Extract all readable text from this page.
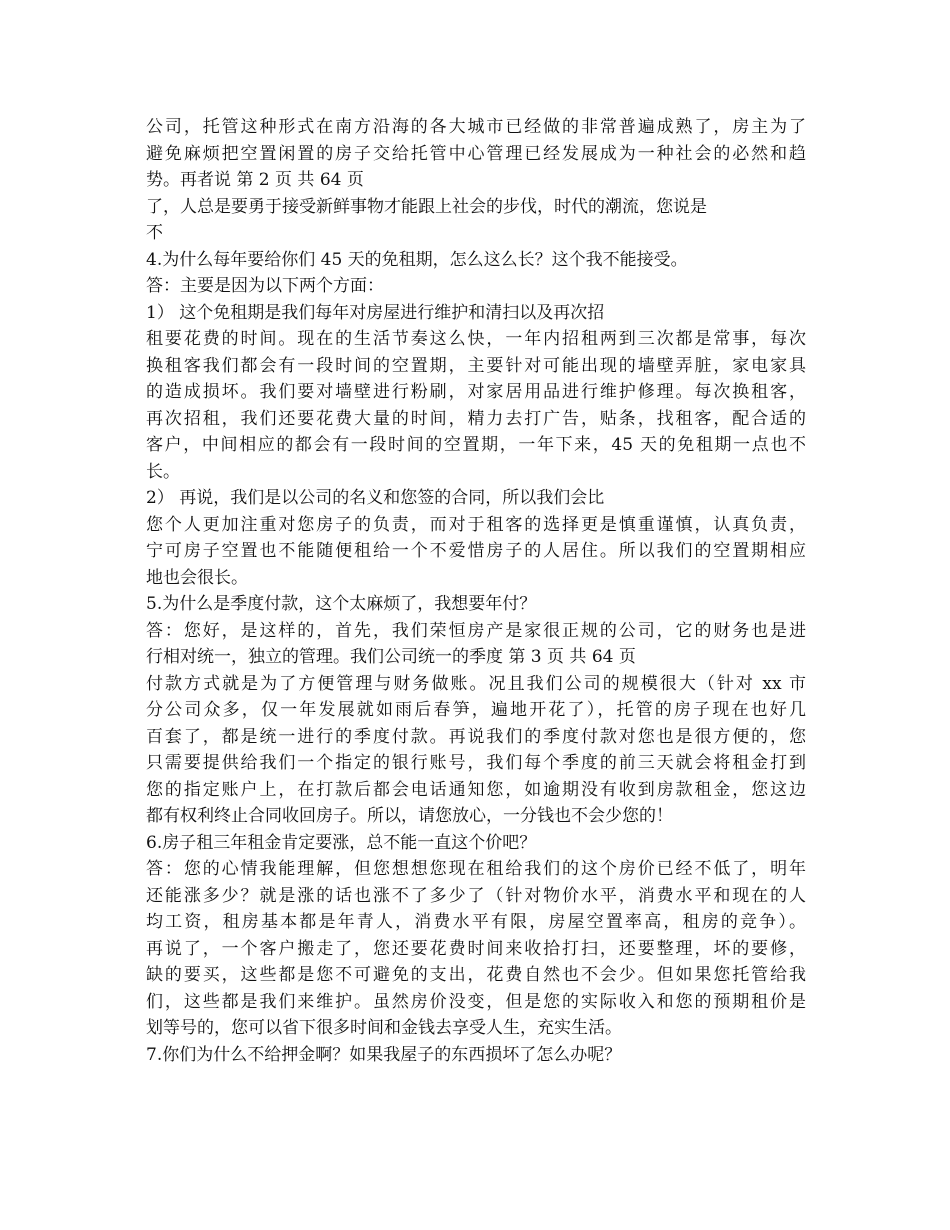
公司，托管这种形式在南方沿海的各大城市已经做的非常普遍成熟了，房主为了
避免麻烦把空置闲置的房子交给托管中心管理已经发展成为一种社会的必然和趋
势。再者说 第 2 页 共 64 页
了，人总是要勇于接受新鲜事物才能跟上社会的步伐，时代的潮流，您说是
不
4.为什么每年要给你们 45 天的免租期，怎么这么长？这个我不能接受。
答：主要是因为以下两个方面：
1） 这个免租期是我们每年对房屋进行维护和清扫以及再次招
租要花费的时间。现在的生活节奏这么快，一年内招租两到三次都是常事，每次
换租客我们都会有一段时间的空置期，主要针对可能出现的墙壁弄脏，家电家具
的造成损坏。我们要对墙壁进行粉刷，对家居用品进行维护修理。每次换租客，
再次招租，我们还要花费大量的时间，精力去打广告，贴条，找租客，配合适的
客户，中间相应的都会有一段时间的空置期，一年下来，45 天的免租期一点也不
长。
2） 再说，我们是以公司的名义和您签的合同，所以我们会比
您个人更加注重对您房子的负责，而对于租客的选择更是慎重谨慎，认真负责，
宁可房子空置也不能随便租给一个不爱惜房子的人居住。所以我们的空置期相应
地也会很长。
5.为什么是季度付款，这个太麻烦了，我想要年付？
答：您好，是这样的，首先，我们荣恒房产是家很正规的公司，它的财务也是进
行相对统一，独立的管理。我们公司统一的季度 第 3 页 共 64 页
付款方式就是为了方便管理与财务做账。况且我们公司的规模很大（针对 xx 市
分公司众多，仅一年发展就如雨后春笋，遍地开花了），托管的房子现在也好几
百套了，都是统一进行的季度付款。再说我们的季度付款对您也是很方便的，您
只需要提供给我们一个指定的银行账号，我们每个季度的前三天就会将租金打到
您的指定账户上，在打款后都会电话通知您，如逾期没有收到房款租金，您这边
都有权利终止合同收回房子。所以，请您放心，一分钱也不会少您的！
6.房子租三年租金肯定要涨，总不能一直这个价吧？
答：您的心情我能理解，但您想想您现在租给我们的这个房价已经不低了，明年
还能涨多少？就是涨的话也涨不了多少了（针对物价水平，消费水平和现在的人
均工资，租房基本都是年青人，消费水平有限，房屋空置率高，租房的竞争）。
再说了，一个客户搬走了，您还要花费时间来收拾打扫，还要整理，坏的要修，
缺的要买，这些都是您不可避免的支出，花费自然也不会少。但如果您托管给我
们，这些都是我们来维护。虽然房价没变，但是您的实际收入和您的预期租价是
划等号的，您可以省下很多时间和金钱去享受人生，充实生活。
7.你们为什么不给押金啊？如果我屋子的东西损坏了怎么办呢？
